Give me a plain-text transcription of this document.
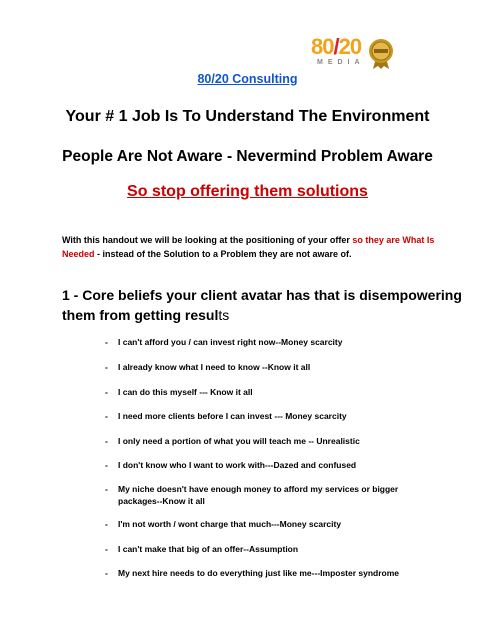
80/20
MEDIA
80/20 Consulting
Your # 1 Job Is To Understand The Environment
People Are Not Aware - Nevermind Problem Aware
So stop offering them solutions
With this handout we will be looking at the positioning of your offer so they are What Is Needed - instead of the Solution to a Problem they are not aware of.
1 - Core beliefs your client avatar has that is disempowering them from getting results
- I can't afford you / can invest right now--Money scarcity
- I already know what I need to know --Know it all
- I can do this myself --- Know it all
- I need more clients before I can invest --- Money scarcity
- I only need a portion of what you will teach me -- Unrealistic
- I don't know who I want to work with---Dazed and confused
- My niche doesn't have enough money to afford my services or bigger packages--Know it all
- I'm not worth / wont charge that much---Money scarcity
- I can't make that big of an offer--Assumption
- My next hire needs to do everything just like me---Imposter syndrome
